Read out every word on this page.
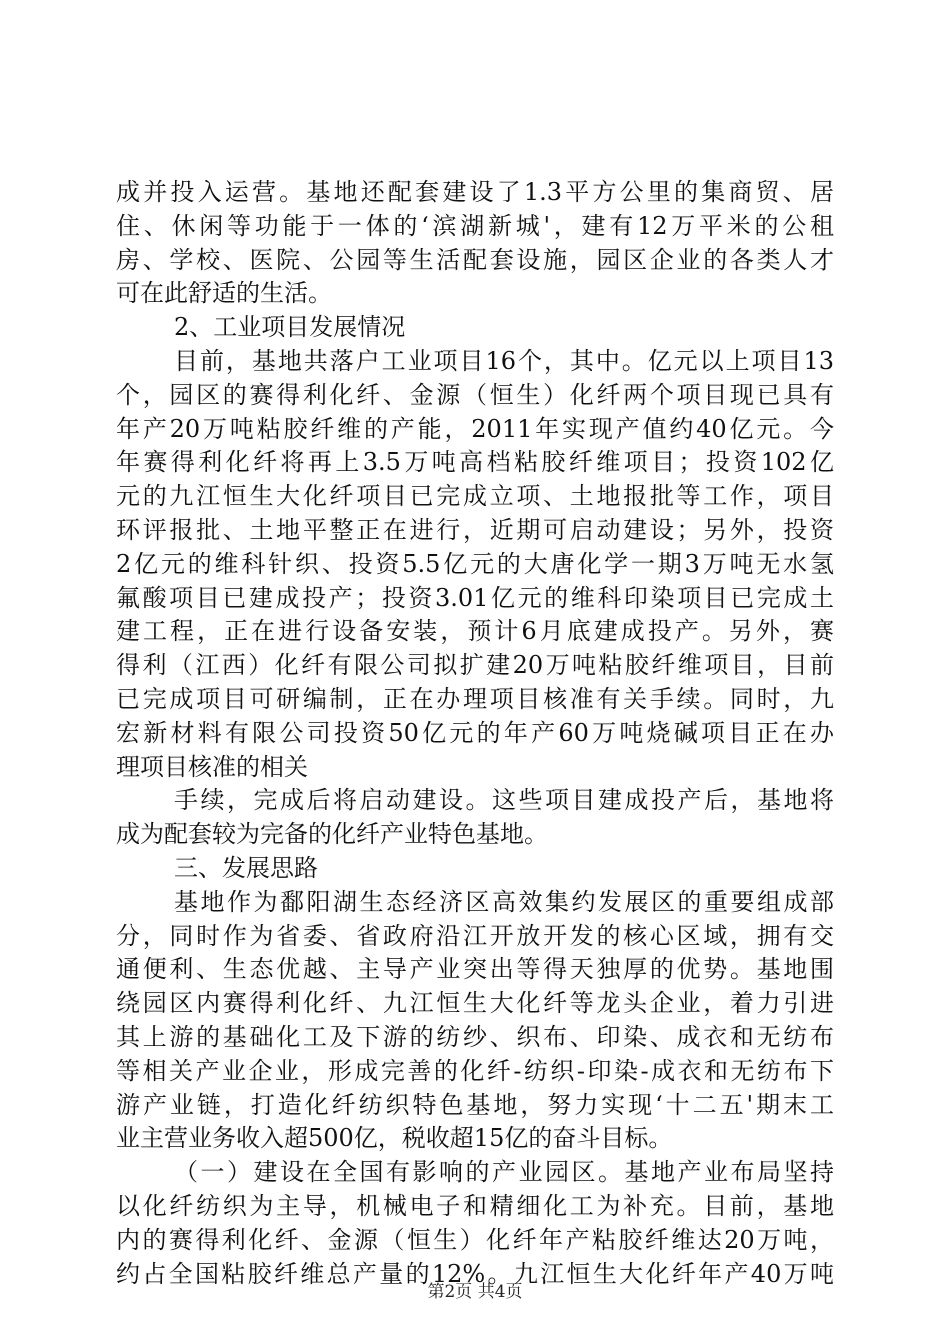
成并投入运营。基地还配套建设了1.3平方公里的集商贸、居
住、休闲等功能于一体的‘滨湖新城'，建有12万平米的公租
房、学校、医院、公园等生活配套设施，园区企业的各类人才
可在此舒适的生活。
2、工业项目发展情况
目前，基地共落户工业项目16个，其中。亿元以上项目13
个，园区的赛得利化纤、金源（恒生）化纤两个项目现已具有
年产20万吨粘胶纤维的产能，2011年实现产值约40亿元。今
年赛得利化纤将再上3.5万吨高档粘胶纤维项目；投资102亿
元的九江恒生大化纤项目已完成立项、土地报批等工作，项目
环评报批、土地平整正在进行，近期可启动建设；另外，投资
2亿元的维科针织、投资5.5亿元的大唐化学一期3万吨无水氢
氟酸项目已建成投产；投资3.01亿元的维科印染项目已完成土
建工程，正在进行设备安装，预计6月底建成投产。另外，赛
得利（江西）化纤有限公司拟扩建20万吨粘胶纤维项目，目前
已完成项目可研编制，正在办理项目核准有关手续。同时，九
宏新材料有限公司投资50亿元的年产60万吨烧碱项目正在办
理项目核准的相关
手续，完成后将启动建设。这些项目建成投产后，基地将
成为配套较为完备的化纤产业特色基地。
三、发展思路
基地作为鄱阳湖生态经济区高效集约发展区的重要组成部
分，同时作为省委、省政府沿江开放开发的核心区域，拥有交
通便利、生态优越、主导产业突出等得天独厚的优势。基地围
绕园区内赛得利化纤、九江恒生大化纤等龙头企业，着力引进
其上游的基础化工及下游的纺纱、织布、印染、成衣和无纺布
等相关产业企业，形成完善的化纤-纺织-印染-成衣和无纺布下
游产业链，打造化纤纺织特色基地，努力实现‘十二五'期末工
业主营业务收入超500亿，税收超15亿的奋斗目标。
（一）建设在全国有影响的产业园区。基地产业布局坚持
以化纤纺织为主导，机械电子和精细化工为补充。目前，基地
内的赛得利化纤、金源（恒生）化纤年产粘胶纤维达20万吨，
约占全国粘胶纤维总产量的12%。九江恒生大化纤年产40万吨
第2页 共4页
